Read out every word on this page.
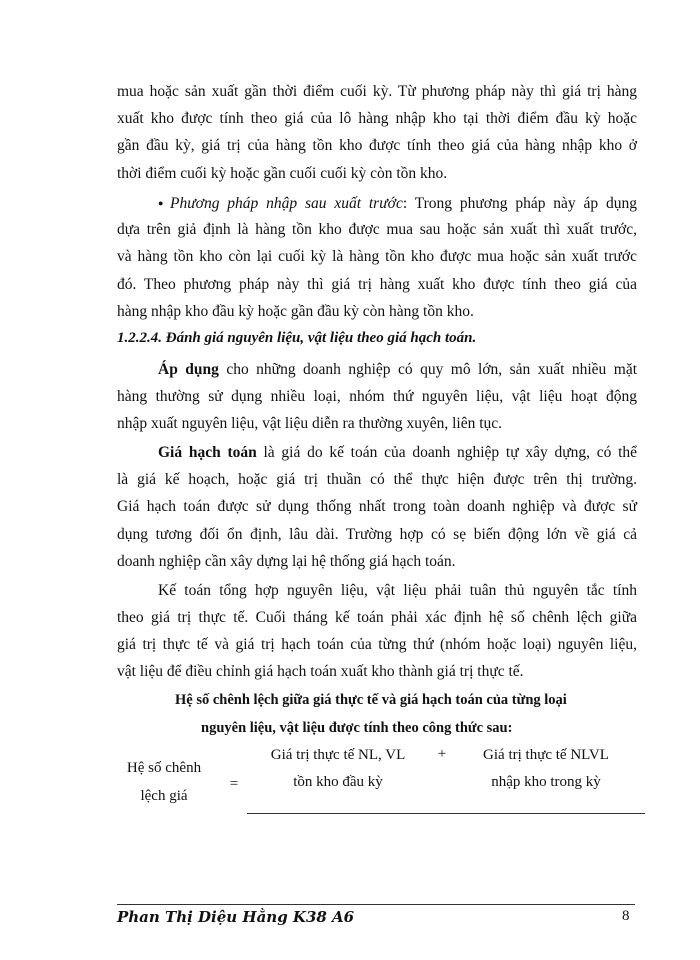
mua hoặc sản xuất gần thời điểm cuối kỳ. Từ phương pháp này thì giá trị hàng
xuất kho được tính theo giá của lô hàng nhập kho tại thời điểm đầu kỳ hoặc
gần đầu kỳ, giá trị của hàng tồn kho được tính theo giá của hàng nhập kho ở
thời điểm cuối kỳ hoặc gần cuối cuối kỳ còn tồn kho.
● Phương pháp nhập sau xuất trước: Trong phương pháp này áp dụng
dựa trên giả định là hàng tồn kho được mua sau hoặc sản xuất thì xuất trước,
và hàng tồn kho còn lại cuối kỳ là hàng tồn kho được mua hoặc sản xuất trước
đó. Theo phương pháp này thì giá trị hàng xuất kho được tính theo giá của
hàng nhập kho đầu kỳ hoặc gần đầu kỳ còn hàng tồn kho.
1.2.2.4. Đánh giá nguyên liệu, vật liệu theo giá hạch toán.
Áp dụng cho những doanh nghiệp có quy mô lớn, sản xuất nhiều mặt
hàng thường sử dụng nhiều loại, nhóm thứ nguyên liệu, vật liệu hoạt động
nhập xuất nguyên liệu, vật liệu diễn ra thường xuyên, liên tục.
Giá hạch toán là giá do kế toán của doanh nghiệp tự xây dựng, có thể
là giá kế hoạch, hoặc giá trị thuần có thể thực hiện được trên thị trường.
Giá hạch toán được sử dụng thống nhất trong toàn doanh nghiệp và được sử
dụng tương đối ổn định, lâu dài. Trường hợp có sẹ biến động lớn về giá cả
doanh nghiệp cần xây dựng lại hệ thống giá hạch toán.
Kế toán tổng hợp nguyên liệu, vật liệu phải tuân thủ nguyên tắc tính
theo giá trị thực tế. Cuối tháng kế toán phải xác định hệ số chênh lệch giữa
giá trị thực tế và giá trị hạch toán của từng thứ (nhóm hoặc loại) nguyên liệu,
vật liệu để điều chỉnh giá hạch toán xuất kho thành giá trị thực tế.
Hệ số chênh lệch giữa giá thực tế và giá hạch toán của từng loại
nguyên liệu, vật liệu được tính theo công thức sau:
Hệ số chênh
lệch giá
=
Giá trị thực tế NL, VL
tồn kho đầu kỳ
+	Giá trị thực tế NLVL
nhập kho trong kỳ
Phan Thị Diệu Hằng K38 A6	8
